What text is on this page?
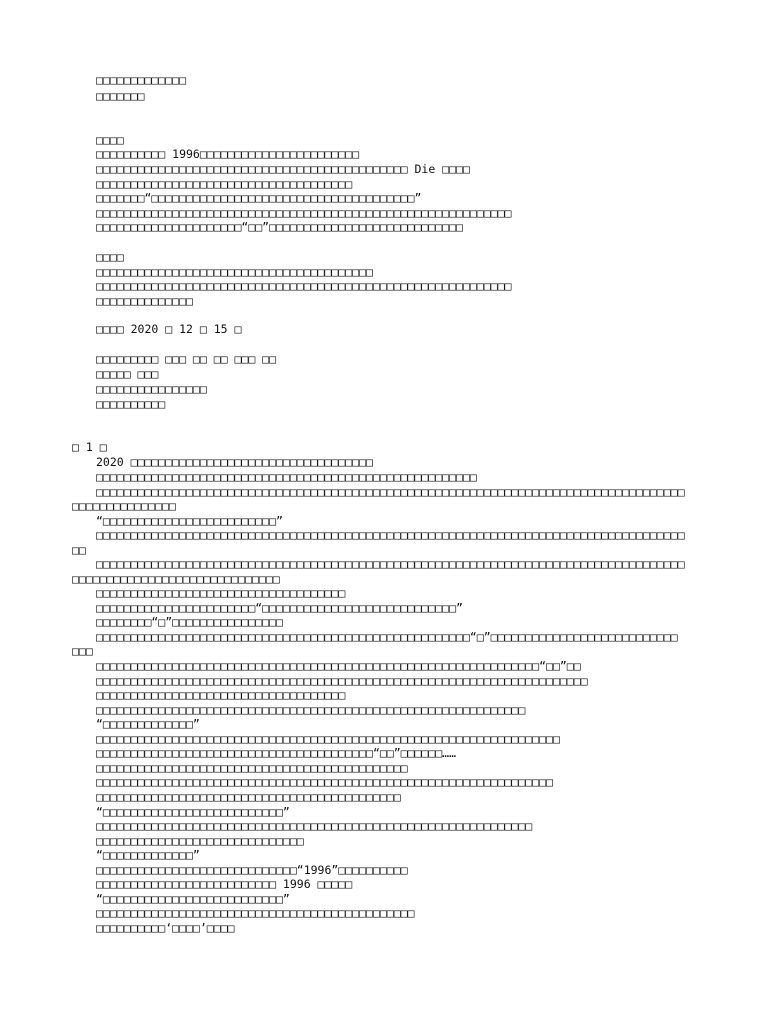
□□□□□□□□□□□□□
□□□□□□□
□□□□
□□□□□□□□□□ 1996□□□□□□□□□□□□□□□□□□□□□□□
□□□□□□□□□□□□□□□□□□□□□□□□□□□□□□□□□□□□□□□□□□□□□ Die □□□□
□□□□□□□□□□□□□□□□□□□□□□□□□□□□□□□□□□□□□
□□□□□□□“□□□□□□□□□□□□□□□□□□□□□□□□□□□□□□□□□□□□□□”
□□□□□□□□□□□□□□□□□□□□□□□□□□□□□□□□□□□□□□□□□□□□□□□□□□□□□□□□□□□□
□□□□□□□□□□□□□□□□□□□□□“□□”□□□□□□□□□□□□□□□□□□□□□□□□□□□□
□□□□
□□□□□□□□□□□□□□□□□□□□□□□□□□□□□□□□□□□□□□□□
□□□□□□□□□□□□□□□□□□□□□□□□□□□□□□□□□□□□□□□□□□□□□□□□□□□□□□□□□□□□
□□□□□□□□□□□□□□
□□□□ 2020 □ 12 □ 15 □
□□□□□□□□□ □□□ □□ □□ □□□ □□
□□□□□ □□□
□□□□□□□□□□□□□□□□
□□□□□□□□□□
□ 1 □
2020 □□□□□□□□□□□□□□□□□□□□□□□□□□□□□□□□□□□
□□□□□□□□□□□□□□□□□□□□□□□□□□□□□□□□□□□□□□□□□□□□□□□□□□□□□□□
□□□□□□□□□□□□□□□□□□□□□□□□□□□□□□□□□□□□□□□□□□□□□□□□□□□□□□□□□□□□□□□□□□□□□□□□□□□□□□□□□□□□□
□□□□□□□□□□□□□□□
“□□□□□□□□□□□□□□□□□□□□□□□□□”
□□□□□□□□□□□□□□□□□□□□□□□□□□□□□□□□□□□□□□□□□□□□□□□□□□□□□□□□□□□□□□□□□□□□□□□□□□□□□□□□□□□□□
□□
□□□□□□□□□□□□□□□□□□□□□□□□□□□□□□□□□□□□□□□□□□□□□□□□□□□□□□□□□□□□□□□□□□□□□□□□□□□□□□□□□□□□□
□□□□□□□□□□□□□□□□□□□□□□□□□□□□□□
□□□□□□□□□□□□□□□□□□□□□□□□□□□□□□□□□□□□
□□□□□□□□□□□□□□□□□□□□□□□“□□□□□□□□□□□□□□□□□□□□□□□□□□□□”
□□□□□□□□“□”□□□□□□□□□□□□□□□□
□□□□□□□□□□□□□□□□□□□□□□□□□□□□□□□□□□□□□□□□□□□□□□□□□□□□□□“□”□□□□□□□□□□□□□□□□□□□□□□□□□□□
□□□
□□□□□□□□□□□□□□□□□□□□□□□□□□□□□□□□□□□□□□□□□□□□□□□□□□□□□□□□□□□□□□□□“□□”□□
□□□□□□□□□□□□□□□□□□□□□□□□□□□□□□□□□□□□□□□□□□□□□□□□□□□□□□□□□□□□□□□□□□□□□□□
□□□□□□□□□□□□□□□□□□□□□□□□□□□□□□□□□□□□
□□□□□□□□□□□□□□□□□□□□□□□□□□□□□□□□□□□□□□□□□□□□□□□□□□□□□□□□□□□□□□
“□□□□□□□□□□□□□”
□□□□□□□□□□□□□□□□□□□□□□□□□□□□□□□□□□□□□□□□□□□□□□□□□□□□□□□□□□□□□□□□□□□
□□□□□□□□□□□□□□□□□□□□□□□□□□□□□□□□□□□□□□□□“□□”□□□□□□……
□□□□□□□□□□□□□□□□□□□□□□□□□□□□□□□□□□□□□□□□□□□□□
□□□□□□□□□□□□□□□□□□□□□□□□□□□□□□□□□□□□□□□□□□□□□□□□□□□□□□□□□□□□□□□□□□
□□□□□□□□□□□□□□□□□□□□□□□□□□□□□□□□□□□□□□□□□□□□
“□□□□□□□□□□□□□□□□□□□□□□□□□□”
□□□□□□□□□□□□□□□□□□□□□□□□□□□□□□□□□□□□□□□□□□□□□□□□□□□□□□□□□□□□□□□
□□□□□□□□□□□□□□□□□□□□□□□□□□□□□□
“□□□□□□□□□□□□□”
□□□□□□□□□□□□□□□□□□□□□□□□□□□□□“1996”□□□□□□□□□□
□□□□□□□□□□□□□□□□□□□□□□□□□□ 1996 □□□□□
“□□□□□□□□□□□□□□□□□□□□□□□□□□”
□□□□□□□□□□□□□□□□□□□□□□□□□□□□□□□□□□□□□□□□□□□□□□
□□□□□□□□□□‘□□□□’□□□□
